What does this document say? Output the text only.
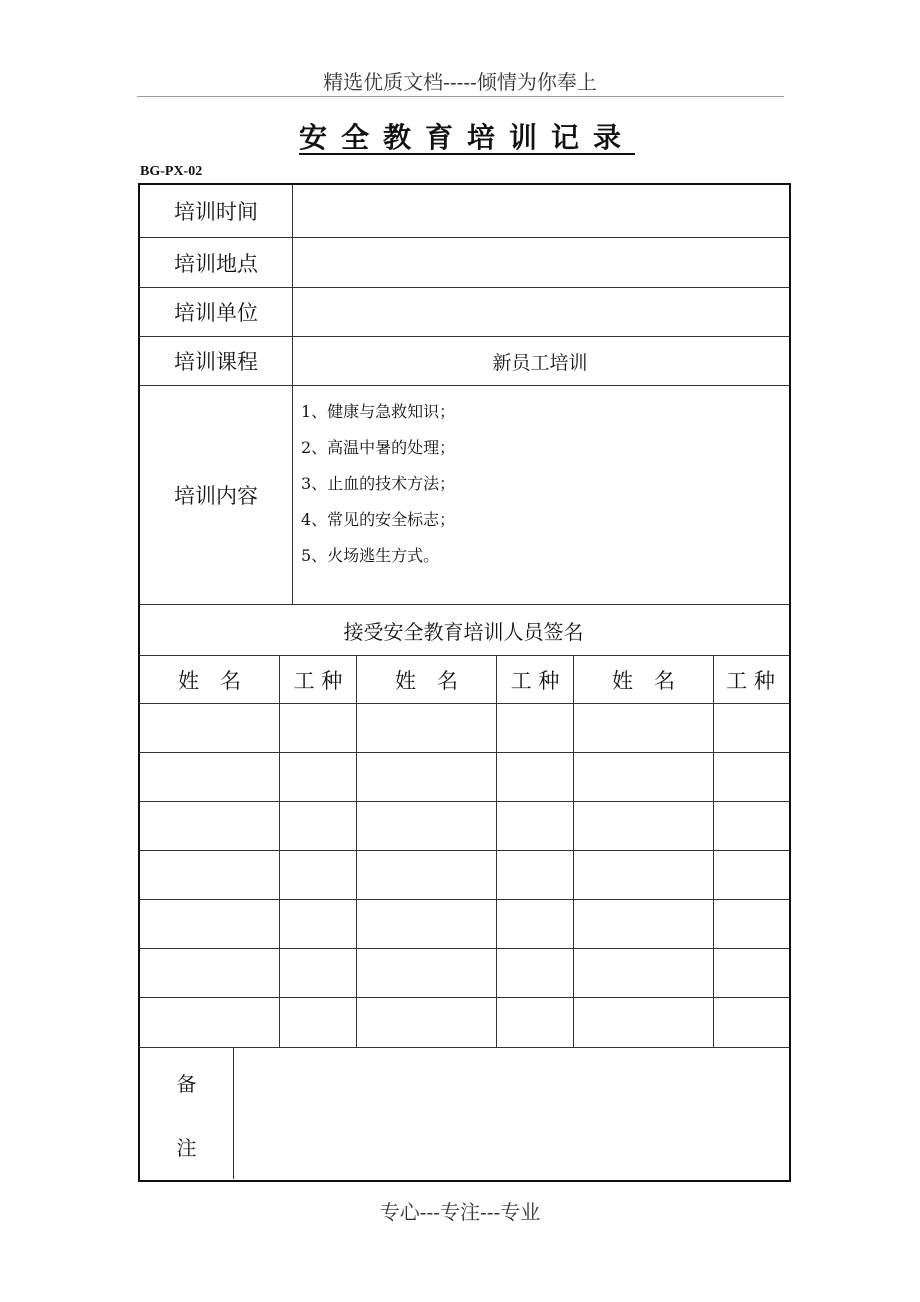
精选优质文档-----倾情为你奉上
安全教育培训记录
BG-PX-02
培训时间
培训地点
培训单位
培训课程	新员工培训
培训内容
1、健康与急救知识；
2、高温中暑的处理；
3、止血的技术方法；
4、常见的安全标志；
5、火场逃生方式。
接受安全教育培训人员签名
姓　名	工 种	姓　名	工 种	姓　名	工 种
备
注
专心---专注---专业
